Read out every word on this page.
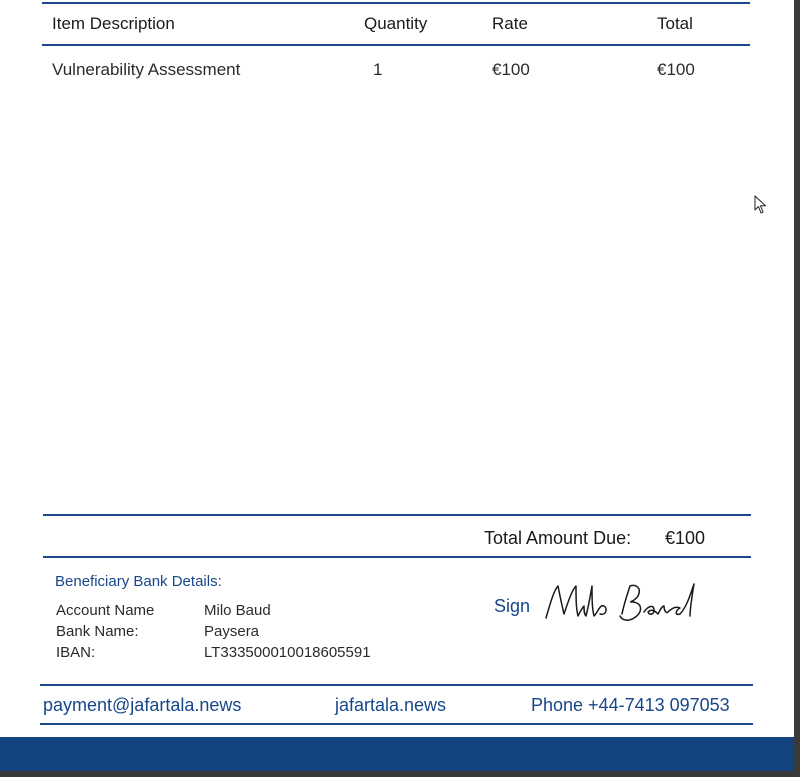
Item Description	Quantity	Rate	Total
Vulnerability Assessment	1	€100	€100
Total Amount Due: €100
Beneficiary Bank Details:
Account Name	Milo Baud
Bank Name:	Paysera
IBAN:	LT333500010018605591
Sign
payment@jafartala.news	jafartala.news	Phone +44-7413 097053
